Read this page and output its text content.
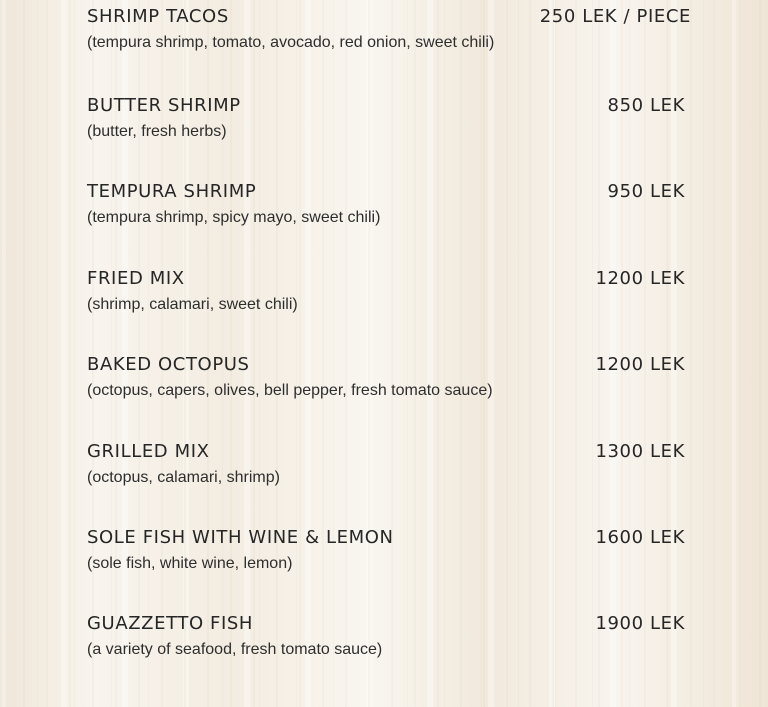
SHRIMP TACOS	250 LEK / PIECE
(tempura shrimp, tomato, avocado, red onion, sweet chili)
BUTTER SHRIMP	850 LEK
(butter, fresh herbs)
TEMPURA SHRIMP	950 LEK
(tempura shrimp, spicy mayo, sweet chili)
FRIED MIX	1200 LEK
(shrimp, calamari, sweet chili)
BAKED OCTOPUS	1200 LEK
(octopus, capers, olives, bell pepper, fresh tomato sauce)
GRILLED MIX	1300 LEK
(octopus, calamari, shrimp)
SOLE FISH WITH WINE & LEMON	1600 LEK
(sole fish, white wine, lemon)
GUAZZETTO FISH	1900 LEK
(a variety of seafood, fresh tomato sauce)
